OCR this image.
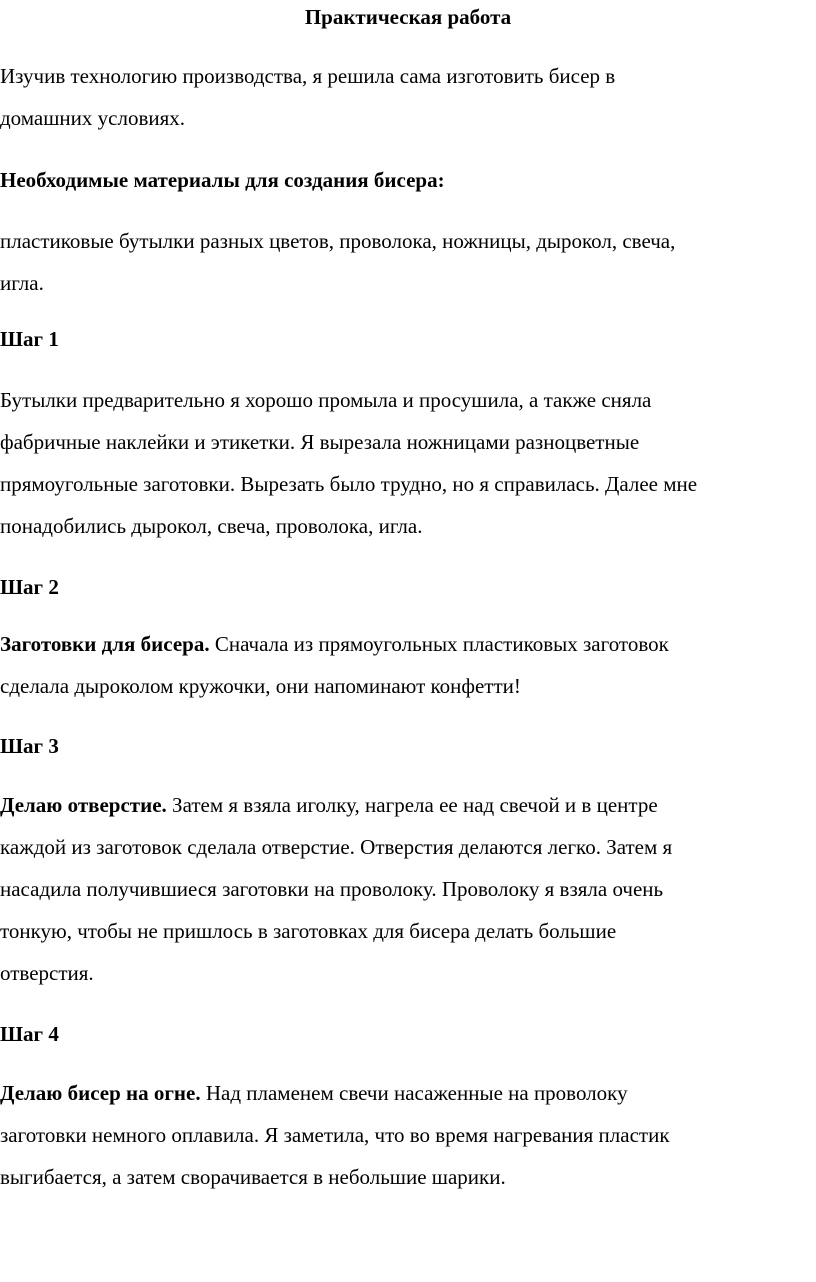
Практическая работа
Изучив технологию производства, я решила сама изготовить бисер в
домашних условиях.
Необходимые материалы для создания бисера:
пластиковые бутылки разных цветов, проволока, ножницы, дырокол, свеча,
игла.
Шаг 1
Бутылки предварительно я хорошо промыла и просушила, а также сняла
фабричные наклейки и этикетки. Я вырезала ножницами разноцветные
прямоугольные заготовки. Вырезать было трудно, но я справилась. Далее мне
понадобились дырокол, свеча, проволока, игла.
Шаг 2
Заготовки для бисера. Сначала из прямоугольных пластиковых заготовок
сделала дыроколом кружочки, они напоминают конфетти!
Шаг 3
Делаю отверстие. Затем я взяла иголку, нагрела ее над свечой и в центре
каждой из заготовок сделала отверстие. Отверстия делаются легко. Затем я
насадила получившиеся заготовки на проволоку. Проволоку я взяла очень
тонкую, чтобы не пришлось в заготовках для бисера делать большие
отверстия.
Шаг 4
Делаю бисер на огне. Над пламенем свечи насаженные на проволоку
заготовки немного оплавила. Я заметила, что во время нагревания пластик
выгибается, а затем сворачивается в небольшие шарики.
